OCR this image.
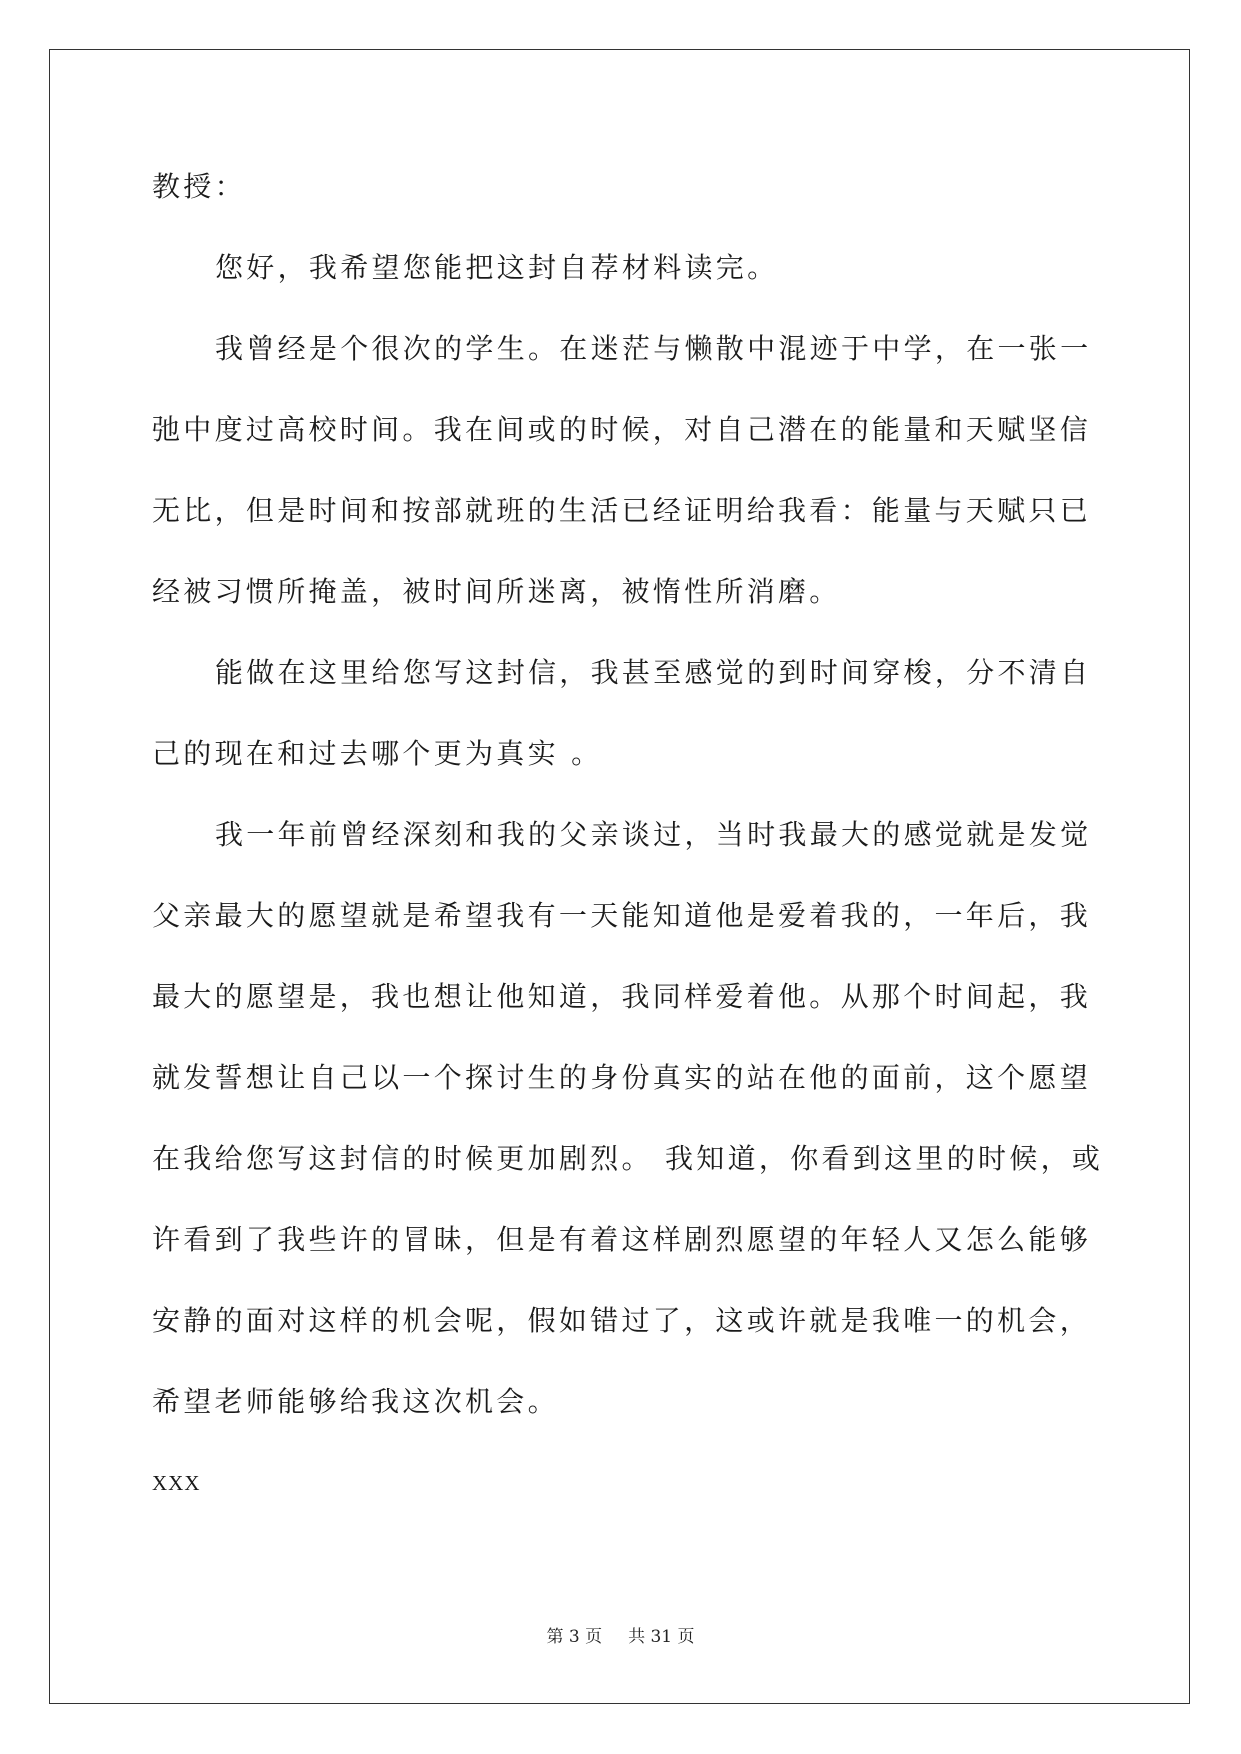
教授：
您好，我希望您能把这封自荐材料读完。
我曾经是个很次的学生。在迷茫与懒散中混迹于中学，在一张一
弛中度过高校时间。我在间或的时候，对自己潜在的能量和天赋坚信
无比，但是时间和按部就班的生活已经证明给我看：能量与天赋只已
经被习惯所掩盖，被时间所迷离，被惰性所消磨。
能做在这里给您写这封信，我甚至感觉的到时间穿梭，分不清自
己的现在和过去哪个更为真实 。
我一年前曾经深刻和我的父亲谈过，当时我最大的感觉就是发觉
父亲最大的愿望就是希望我有一天能知道他是爱着我的，一年后，我
最大的愿望是，我也想让他知道，我同样爱着他。从那个时间起，我
就发誓想让自己以一个探讨生的身份真实的站在他的面前，这个愿望
在我给您写这封信的时候更加剧烈。 我知道，你看到这里的时候，或
许看到了我些许的冒昧，但是有着这样剧烈愿望的年轻人又怎么能够
安静的面对这样的机会呢，假如错过了，这或许就是我唯一的机会，
希望老师能够给我这次机会。
XXX
第 3 页 共 31 页
